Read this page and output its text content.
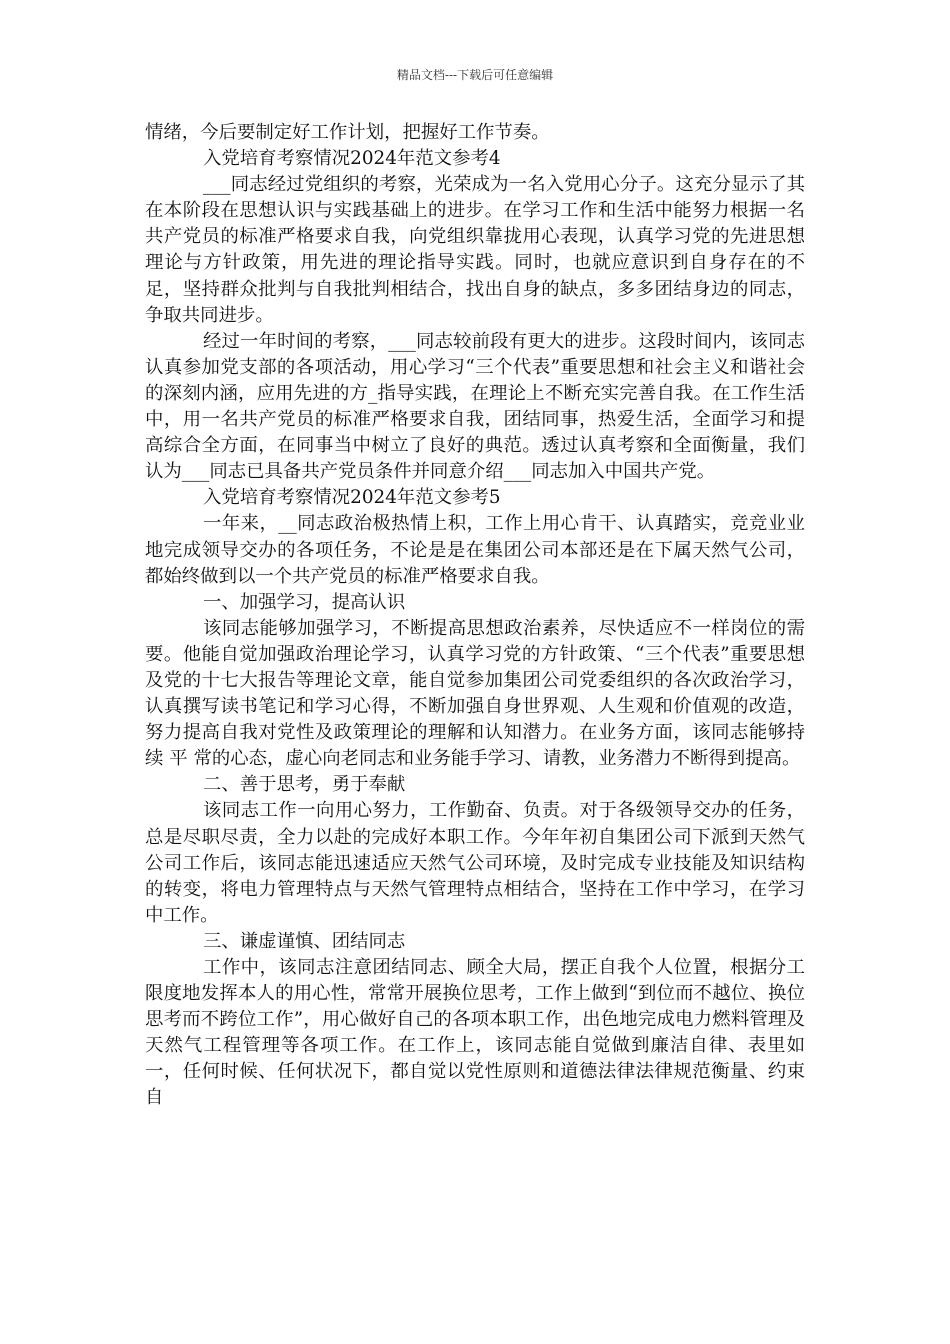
精品文档---下载后可任意编辑

情绪，今后要制定好工作计划，把握好工作节奏。

入党培育考察情况2024年范文参考4

___同志经过党组织的考察，光荣成为一名入党用心分子。这充分显示了其在本阶段在思想认识与实践基础上的进步。在学习工作和生活中能努力根据一名共产党员的标准严格要求自我，向党组织靠拢用心表现，认真学习党的先进思想理论与方针政策，用先进的理论指导实践。同时，也就应意识到自身存在的不足，坚持群众批判与自我批判相结合，找出自身的缺点，多多团结身边的同志，争取共同进步。

经过一年时间的考察，___同志较前段有更大的进步。这段时间内，该同志认真参加党支部的各项活动，用心学习“三个代表”重要思想和社会主义和谐社会的深刻内涵，应用先进的方_指导实践，在理论上不断充实完善自我。在工作生活中，用一名共产党员的标准严格要求自我，团结同事，热爱生活，全面学习和提高综合全方面，在同事当中树立了良好的典范。透过认真考察和全面衡量，我们认为___同志已具备共产党员条件并同意介绍___同志加入中国共产党。

入党培育考察情况2024年范文参考5

一年来，__同志政治极热情上积，工作上用心肯干、认真踏实，竞竞业业地完成领导交办的各项任务，不论是是在集团公司本部还是在下属天然气公司，都始终做到以一个共产党员的标准严格要求自我。

一、加强学习，提高认识

该同志能够加强学习，不断提高思想政治素养，尽快适应不一样岗位的需要。他能自觉加强政治理论学习，认真学习党的方针政策、“三个代表”重要思想及党的十七大报告等理论文章，能自觉参加集团公司党委组织的各次政治学习，认真撰写读书笔记和学习心得，不断加强自身世界观、人生观和价值观的改造，努力提高自我对党性及政策理论的理解和认知潜力。在业务方面，该同志能够持续 平 常的心态，虚心向老同志和业务能手学习、请教，业务潜力不断得到提高。

二、善于思考，勇于奉献

该同志工作一向用心努力，工作勤奋、负责。对于各级领导交办的任务，总是尽职尽责，全力以赴的完成好本职工作。今年年初自集团公司下派到天然气公司工作后，该同志能迅速适应天然气公司环境，及时完成专业技能及知识结构的转变，将电力管理特点与天然气管理特点相结合，坚持在工作中学习，在学习中工作。

三、谦虚谨慎、团结同志

工作中，该同志注意团结同志、顾全大局，摆正自我个人位置，根据分工限度地发挥本人的用心性，常常开展换位思考，工作上做到“到位而不越位、换位思考而不跨位工作”，用心做好自己的各项本职工作，出色地完成电力燃料管理及天然气工程管理等各项工作。在工作上，该同志能自觉做到廉洁自律、表里如一，任何时候、任何状况下，都自觉以党性原则和道德法律法律规范衡量、约束自
